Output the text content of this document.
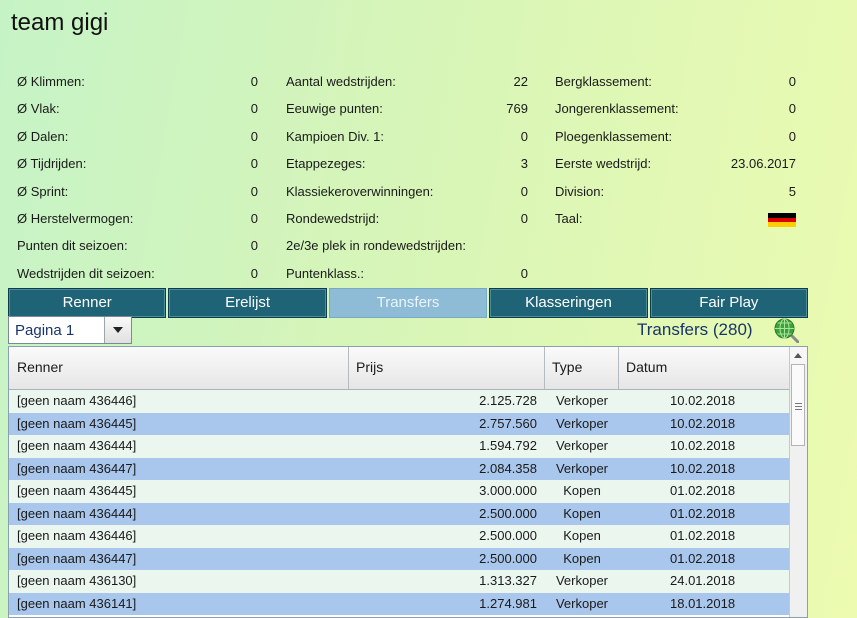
team gigi
Ø Klimmen:	0
Ø Vlak:	0
Ø Dalen:	0
Ø Tijdrijden:	0
Ø Sprint:	0
Ø Herstelvermogen:	0
Punten dit seizoen:	0
Wedstrijden dit seizoen:	0
Aantal wedstrijden:	22
Eeuwige punten:	769
Kampioen Div. 1:	0
Etappezeges:	3
Klassiekeroverwinningen:	0
Rondewedstrijd:	0
2e/3e plek in rondewedstrijden:
Puntenklass.:	0
Bergklassement:	0
Jongerenklassement:	0
Ploegenklassement:	0
Eerste wedstrijd:	23.06.2017
Division:	5
Taal:
Renner	Erelijst	Transfers	Klasseringen	Fair Play
Pagina 1	Transfers (280)
Renner	Prijs	Type	Datum
[geen naam 436446]	2.125.728	Verkoper	10.02.2018
[geen naam 436445]	2.757.560	Verkoper	10.02.2018
[geen naam 436444]	1.594.792	Verkoper	10.02.2018
[geen naam 436447]	2.084.358	Verkoper	10.02.2018
[geen naam 436445]	3.000.000	Kopen	01.02.2018
[geen naam 436444]	2.500.000	Kopen	01.02.2018
[geen naam 436446]	2.500.000	Kopen	01.02.2018
[geen naam 436447]	2.500.000	Kopen	01.02.2018
[geen naam 436130]	1.313.327	Verkoper	24.01.2018
[geen naam 436141]	1.274.981	Verkoper	18.01.2018
